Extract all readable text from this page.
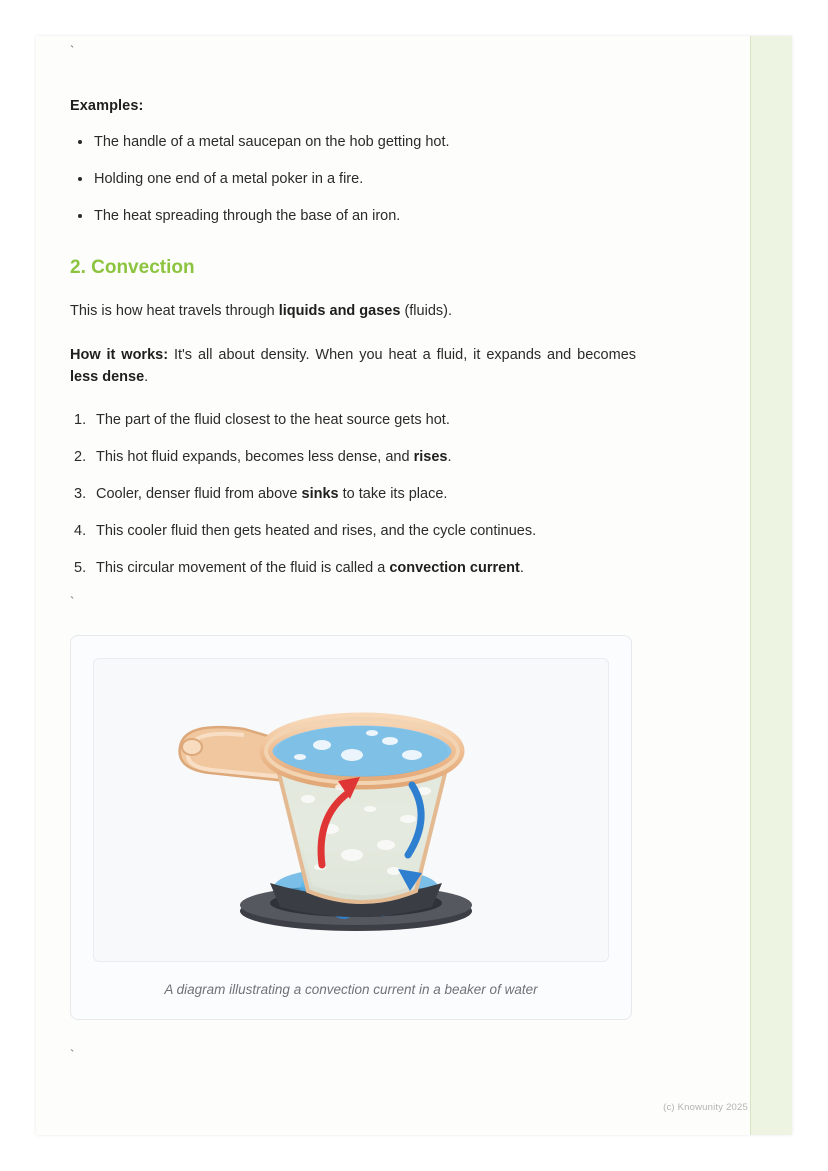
`
Examples:
The handle of a metal saucepan on the hob getting hot.
Holding one end of a metal poker in a fire.
The heat spreading through the base of an iron.
2. Convection

This is how heat travels through liquids and gases (fluids).

How it works: It's all about density. When you heat a fluid, it expands and becomes less dense.

The part of the fluid closest to the heat source gets hot.
This hot fluid expands, becomes less dense, and rises.
Cooler, denser fluid from above sinks to take its place.
This cooler fluid then gets heated and rises, and the cycle continues.
This circular movement of the fluid is called a convection current.
`
A diagram illustrating a convection current in a beaker of water
`
(c) Knowunity 2025
